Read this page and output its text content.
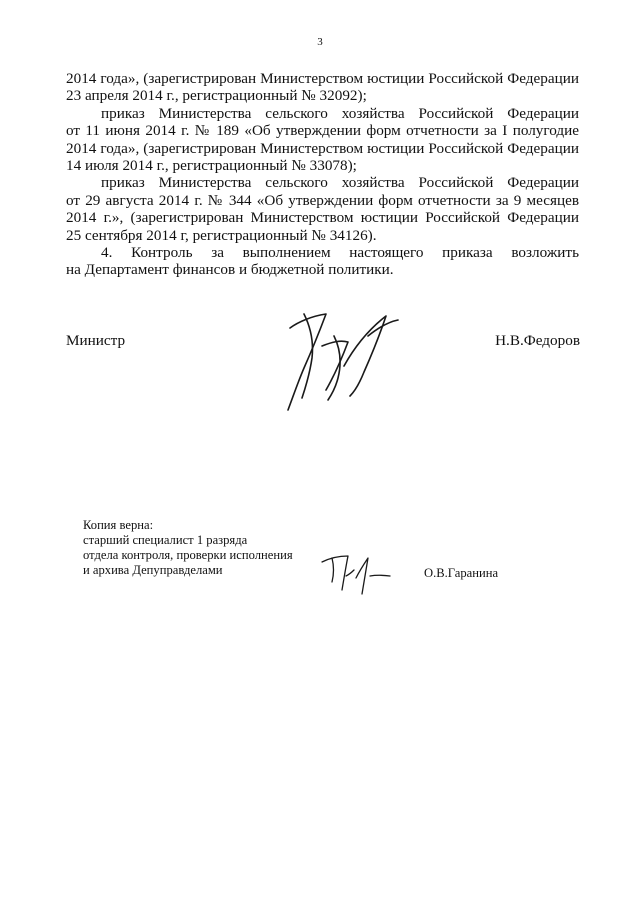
3
2014 года», (зарегистрирован Министерством юстиции Российской Федерации
23 апреля 2014 г., регистрационный № 32092);
приказ Министерства сельского хозяйства Российской Федерации
от 11 июня 2014 г. № 189 «Об утверждении форм отчетности за I полугодие
2014 года», (зарегистрирован Министерством юстиции Российской Федерации
14 июля 2014 г., регистрационный № 33078);
приказ Министерства сельского хозяйства Российской Федерации
от 29 августа 2014 г. № 344 «Об утверждении форм отчетности за 9 месяцев
2014 г.», (зарегистрирован Министерством юстиции Российской Федерации
25 сентября 2014 г, регистрационный № 34126).
4. Контроль за выполнением настоящего приказа возложить
на Департамент финансов и бюджетной политики.
Министр	Н.В.Федоров
Копия верна:
старший специалист 1 разряда
отдела контроля, проверки исполнения
и архива Депуправделами	О.В.Гаранина
